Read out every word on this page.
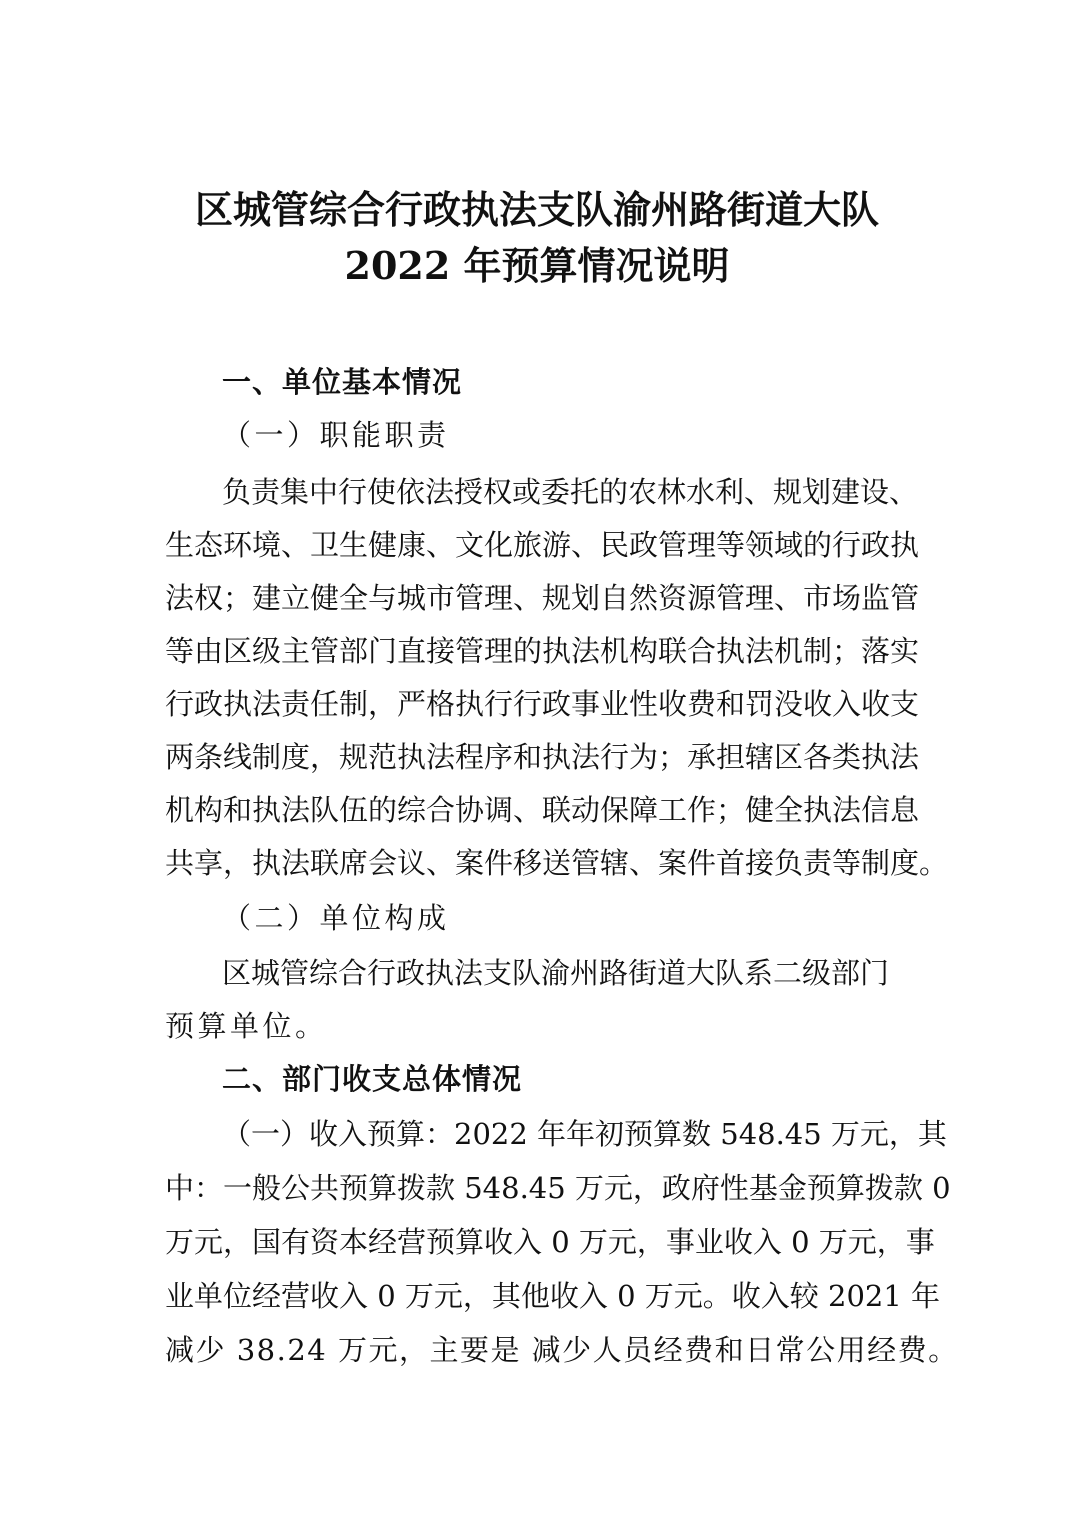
区城管综合行政执法支队渝州路街道大队
2022 年预算情况说明
一、单位基本情况
（一）职能职责
负责集中行使依法授权或委托的农林水利、规划建设、
生态环境、卫生健康、文化旅游、民政管理等领域的行政执
法权；建立健全与城市管理、规划自然资源管理、市场监管
等由区级主管部门直接管理的执法机构联合执法机制；落实
行政执法责任制，严格执行行政事业性收费和罚没收入收支
两条线制度，规范执法程序和执法行为；承担辖区各类执法
机构和执法队伍的综合协调、联动保障工作；健全执法信息
共享，执法联席会议、案件移送管辖、案件首接负责等制度。
（二）单位构成
区城管综合行政执法支队渝州路街道大队系二级部门
预算单位。
二、部门收支总体情况
（一）收入预算：2022 年年初预算数 548.45 万元，其
中：一般公共预算拨款 548.45 万元，政府性基金预算拨款 0
万元，国有资本经营预算收入 0 万元，事业收入 0 万元，事
业单位经营收入 0 万元，其他收入 0 万元。收入较 2021 年
减少 38.24 万元，主要是 减少人员经费和日常公用经费。
